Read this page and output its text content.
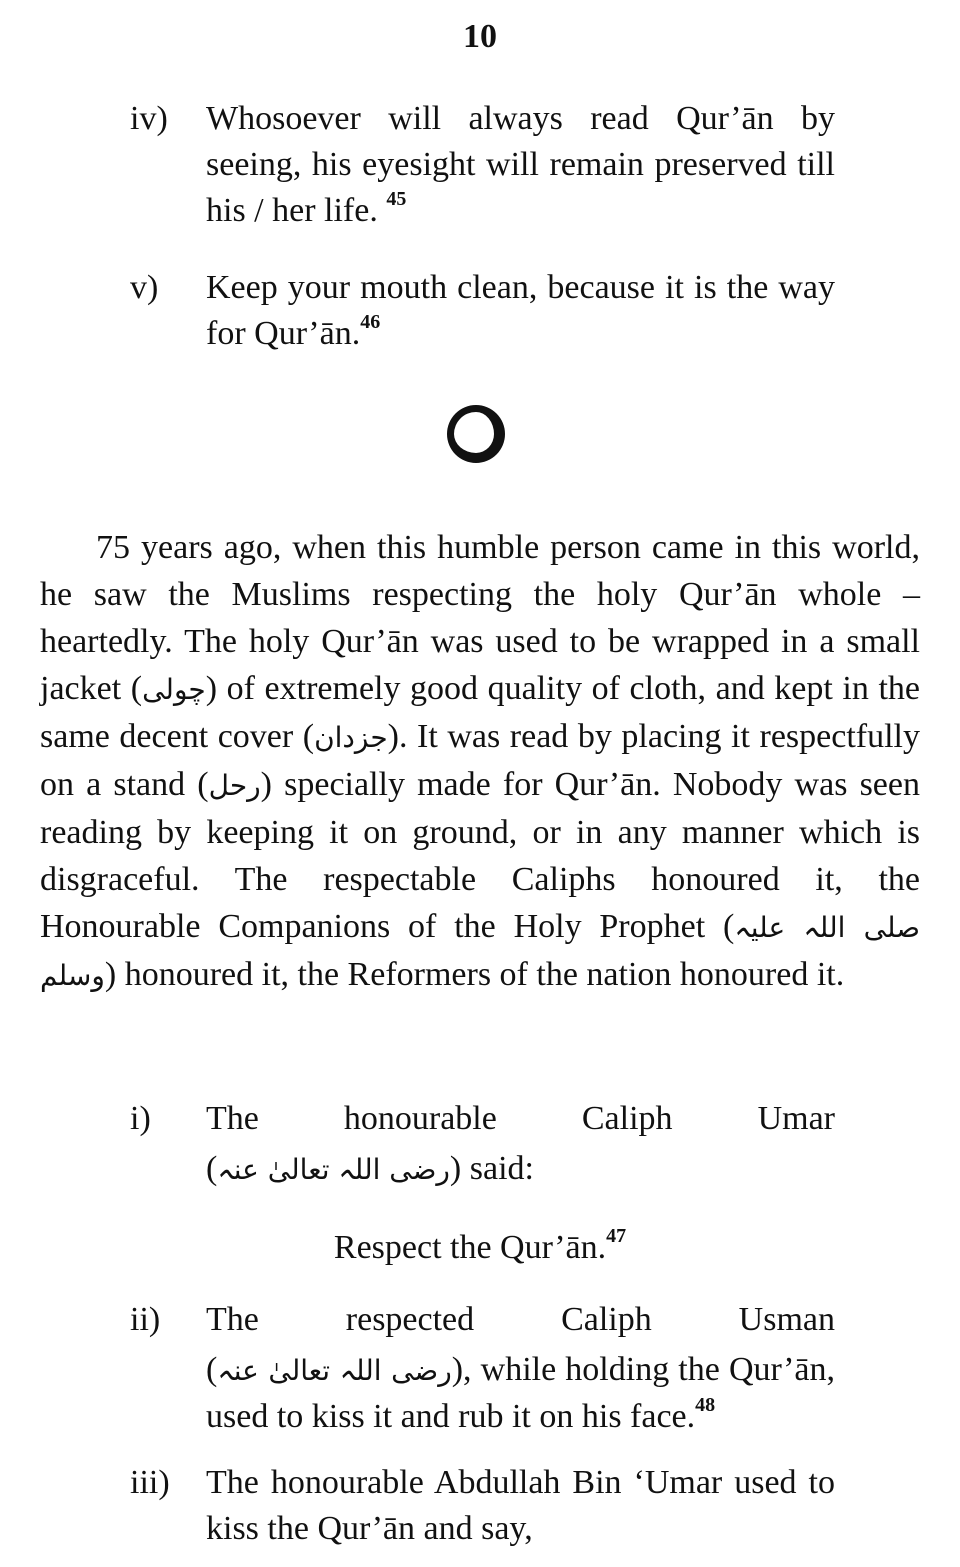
10
iv)	Whosoever will always read Qur’ān by seeing, his eyesight will remain preserved till his / her life. $^{45}$
v)	Keep your mouth clean, because it is the way for Qur’ān.$^{46}$
75 years ago, when this humble person came in this world, he saw the Muslims respecting the holy Qur’ān whole – heartedly. The holy Qur’ān was used to be wrapped in a small jacket (چولی) of extremely good quality of cloth, and kept in the same decent cover (جزدان). It was read by placing it respectfully on a stand (رحل) specially made for Qur’ān. Nobody was seen reading by keeping it on ground, or in any manner which is disgraceful. The respectable Caliphs honoured it, the Honourable Companions of the Holy Prophet (صلی اللہ علیہ وسلم) honoured it, the Reformers of the nation honoured it.
i)	The	honourable	Caliph	Umar
(رضی اللہ تعالیٰ عنہ) said:
Respect the Qur’ān.$^{47}$
ii)	The	respected	Caliph	Usman
(رضی اللہ تعالیٰ عنہ), while holding the Qur’ān, used to kiss it and rub it on his face.$^{48}$
iii)	The honourable Abdullah Bin ‘Umar used to kiss the Qur’ān and say,
